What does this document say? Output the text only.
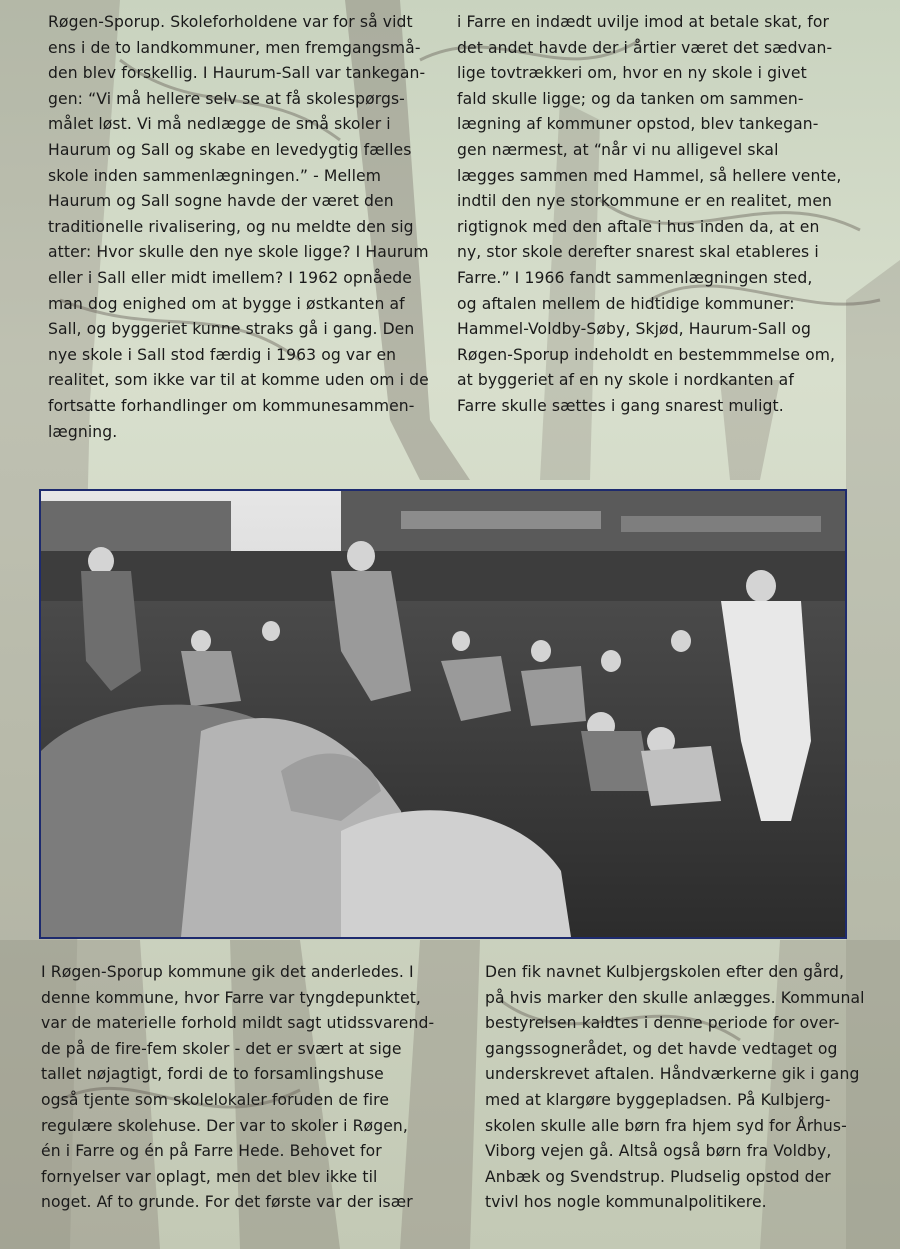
Røgen-Sporup. Skoleforholdene var for så vidt

ens i de to landkommuner, men fremgangsmå-

den blev forskellig. I Haurum-Sall var tankegan-

gen: “Vi må hellere selv se at få skolespørgs-

målet løst. Vi må nedlægge de små skoler i

Haurum og Sall og skabe en levedygtig fælles

skole inden sammenlægningen.” - Mellem

Haurum og Sall sogne havde der været den

traditionelle rivalisering, og nu meldte den sig

atter: Hvor skulle den nye skole ligge? I Haurum

eller i Sall eller midt imellem? I 1962 opnåede

man dog enighed om at bygge i østkanten af

Sall, og byggeriet kunne straks gå i gang. Den

nye skole i Sall stod færdig i 1963 og var en

realitet, som ikke var til at komme uden om i de

fortsatte forhandlinger om kommunesammen-

lægning.

i Farre en indædt uvilje imod at betale skat, for

det andet havde der i årtier været det sædvan-

lige tovtrækkeri om, hvor en ny skole i givet

fald skulle ligge; og da tanken om sammen-

lægning af kommuner opstod, blev tankegan-

gen nærmest, at “når vi nu alligevel skal

lægges sammen med Hammel, så hellere vente,

indtil den nye storkommune er en realitet, men

rigtignok med den aftale i hus inden da, at en

ny, stor skole derefter snarest skal etableres i

Farre.” I 1966 fandt sammenlægningen sted,

og aftalen mellem de hidtidige kommuner:

Hammel-Voldby-Søby, Skjød, Haurum-Sall og

Røgen-Sporup indeholdt en bestemmmelse om,

at byggeriet af en ny skole i nordkanten af

Farre skulle sættes i gang snarest muligt.

I Røgen-Sporup kommune gik det anderledes. I

denne kommune, hvor Farre var tyngdepunktet,

var de materielle forhold mildt sagt utidssvarend-

de på de fire-fem skoler - det er svært at sige

tallet nøjagtigt, fordi de to forsamlingshuse

også tjente som skolelokaler foruden de fire

regulære skolehuse. Der var to skoler i Røgen,

én i Farre og én på Farre Hede. Behovet for

fornyelser var oplagt, men det blev ikke til

noget. Af to grunde. For det første var der især

Den fik navnet Kulbjergskolen efter den gård,

på hvis marker den skulle anlægges. Kommunal

bestyrelsen kaldtes i denne periode for over-

gangssognerådet, og det havde vedtaget og

underskrevet aftalen. Håndværkerne gik i gang

med at klargøre byggepladsen. På Kulbjerg-

skolen skulle alle børn fra hjem syd for Århus-

Viborg vejen gå. Altså også børn fra Voldby,

Anbæk og Svendstrup. Pludselig opstod der

tvivl hos nogle kommunalpolitikere.
